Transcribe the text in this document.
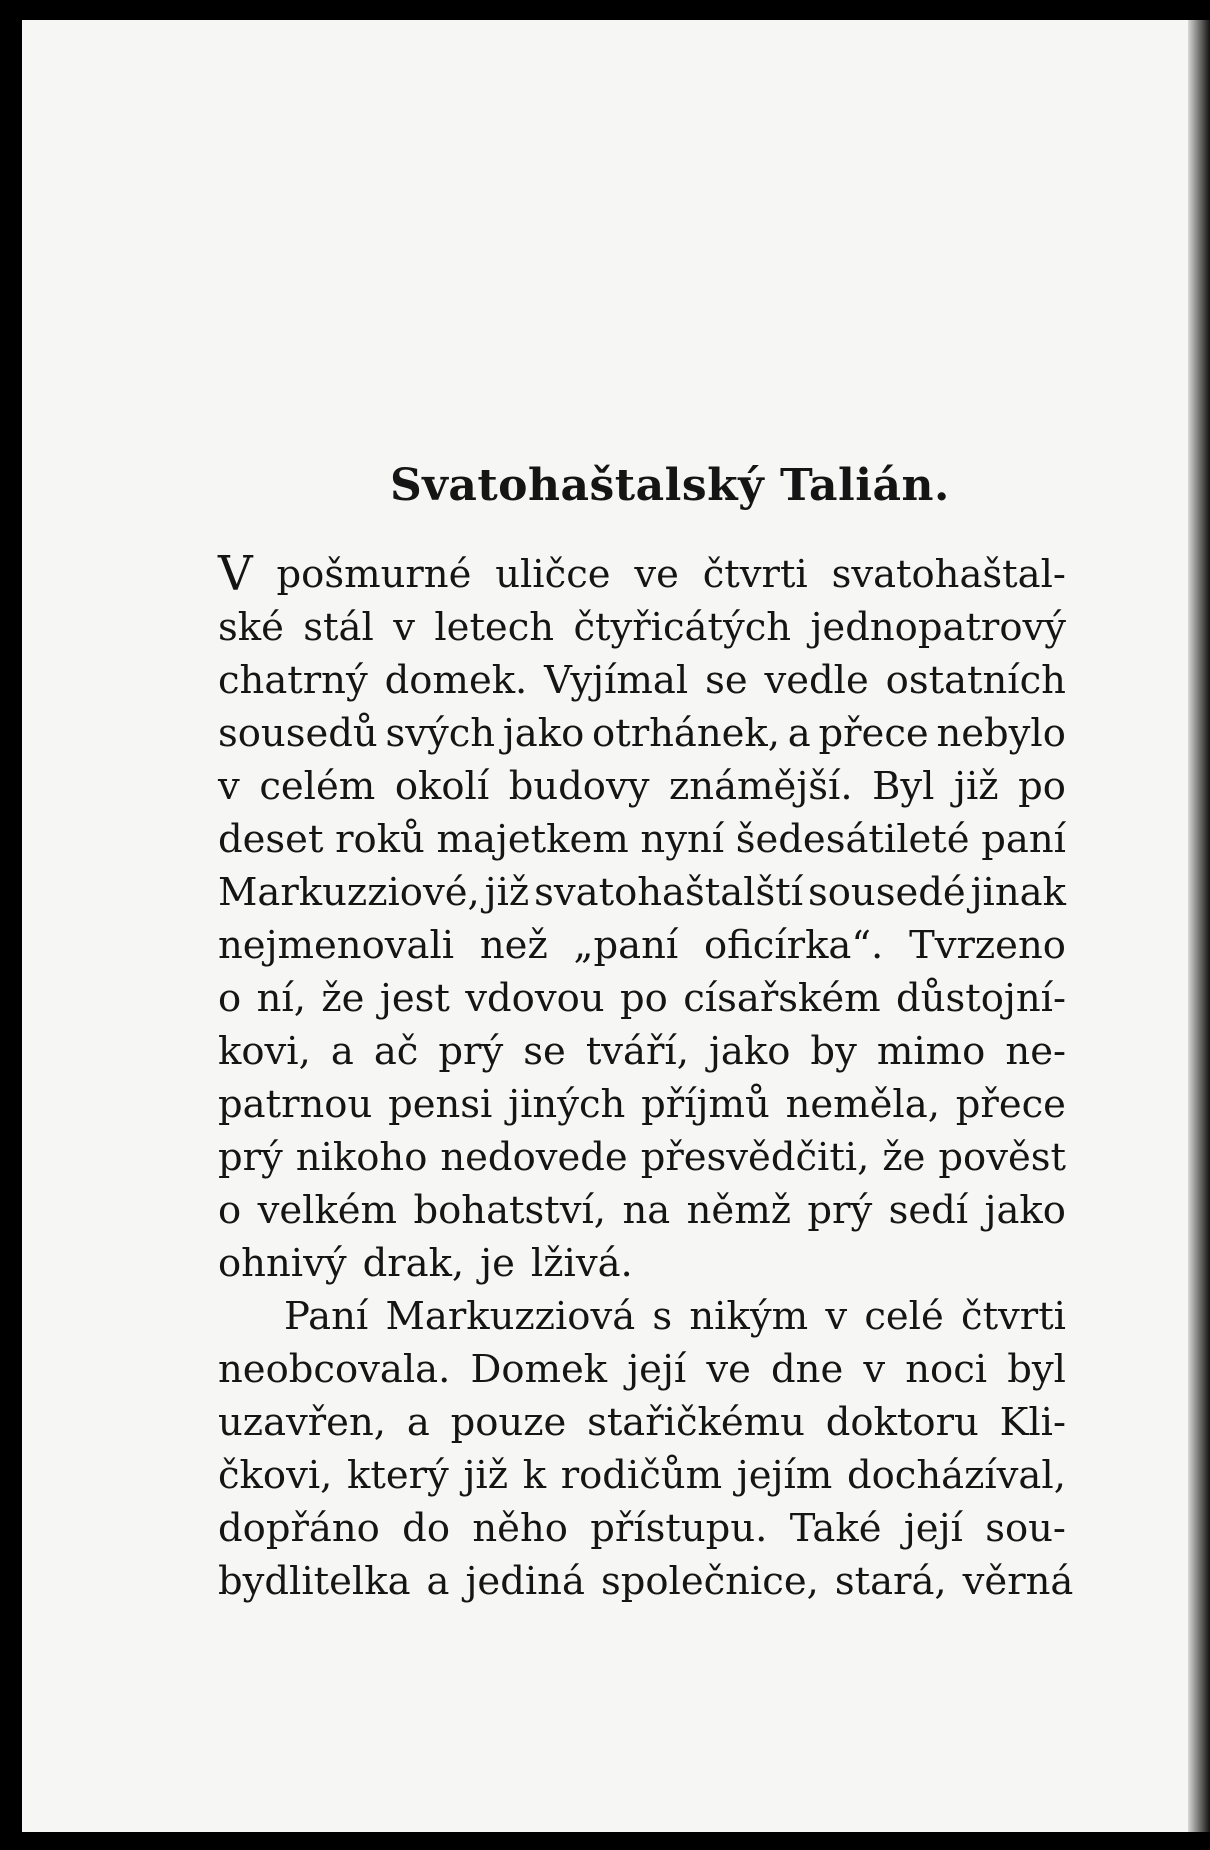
Svatohaštalský Talián.
V pošmurné uličce ve čtvrti svatohaštal-
ské stál v letech čtyřicátých jednopatrový
chatrný domek. Vyjímal se vedle ostatních
sousedů svých jako otrhánek, a přece nebylo
v celém okolí budovy známější. Byl již po
deset roků majetkem nyní šedesátileté paní
Markuzziové, již svatohaštalští sousedé jinak
nejmenovali než „paní oficírka“. Tvrzeno
o ní, že jest vdovou po císařském důstojní-
kovi, a ač prý se tváří, jako by mimo ne-
patrnou pensi jiných příjmů neměla, přece
prý nikoho nedovede přesvědčiti, že pověst
o velkém bohatství, na němž prý sedí jako
ohnivý drak, je lživá.
Paní Markuzziová s nikým v celé čtvrti
neobcovala. Domek její ve dne v noci byl
uzavřen, a pouze stařičkému doktoru Kli-
čkovi, který již k rodičům jejím docházíval,
dopřáno do něho přístupu. Také její sou-
bydlitelka a jediná společnice, stará, věrná
